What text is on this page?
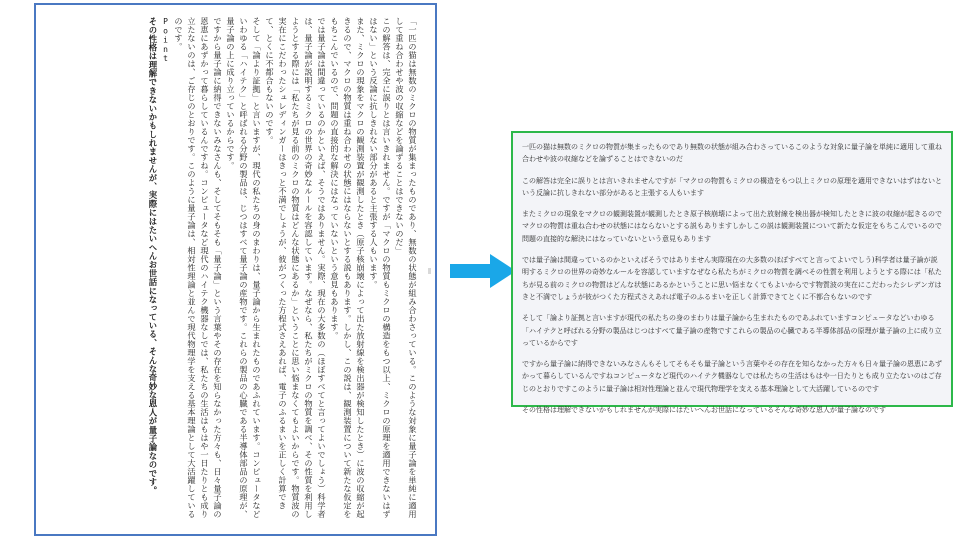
「一匹の猫は無数のミクロの物質が集まったものであり、無数の状態が組み合わさっている。このような対象に量子論を単純に適用して重ね合わせや波の収縮などを論ずることはできないのだ」

この解答は、完全に誤りとは言いきれません。ですが「マクロの物質もミクロの構造をもつ以上、ミクロの原理を適用できないはずはない」という反論に抗しきれない部分があると主張する人もいます。

また、ミクロの現象をマクロの観測装置が観測したとき（原子核崩壊によって出た放射線を検出器が検知したとき）に波の収縮が起きるので、マクロの物質は重ね合わせの状態にはならないとする説もあります。しかし、この説は、観測装置について新たな仮定をもちこんでいるので、問題の直接的な解決にはなっていないという意見もあります。

では量子論は間違っているのかといえば、そうではありません。実際、現在の大多数の（ほぼすべてと言ってよいでしょう）科学者は、量子論が説明するミクロの世界の奇妙なルールを容認しています。なぜなら、私たちがミクロの物質を調べ、その性質を利用しようとする際には「私たちが見る前のミクロの物質はどんな状態にあるか」ということに思い悩まなくてもよいからです。物質波の実在にこだわったシュレディンガーはきっと不満でしょうが、彼がつくった方程式さえあれば、電子のふるまいを正しく計算できて、とくに不都合もないのです。

そして「論より証拠」と言いますが、現代の私たちの身のまわりは、量子論から生まれたものであふれています。コンピュータなどいわゆる「ハイテク」と呼ばれる分野の製品は、じつはすべて量子論の産物です。これらの製品の心臓である半導体部品の原理が、量子論の上に成り立っているからです。

ですから量子論に納得できないみなさんも、そしてそもそも「量子論」という言葉やその存在を知らなかった方々も、日々量子論の恩恵にあずかって暮らしているんですね。コンピュータなど現代のハイテク機器なしでは、私たちの生活はもはや一日たりとも成り立たないのは、ご存じのとおりです。このように量子論は、相対性理論と並んで現代物理学を支える基本理論として大活躍しているのです。

Point

その性格は理解できないかもしれませんが、実際にはたいへんお世話になっている、そんな奇妙な恩人が量子論なのです。	一匹の猫は無数のミクロの物質が集まったものであり無数の状態が組み合わさっているこのような対象に量子論を単純に適用して重ね合わせや波の収縮などを論ずることはできないのだ

この解答は完全に誤りとは言いきれませんですが「マクロの物質もミクロの構造をもつ以上ミクロの原理を適用できないはずはないという反論に抗しきれない部分があると主張する人もいます

またミクロの現象をマクロの観測装置が観測したとき原子核崩壊によって出た放射線を検出器が検知したときに波の収縮が起きるのでマクロの物質は重ね合わせの状態にはならないとする説もありますしかしこの説は観測装置について新たな仮定をもちこんでいるので問題の直接的な解決にはなっていないという意見もあります

では量子論は間違っているのかといえばそうではありません実際現在の大多数のほぼすべてと言ってよいでしう)科学者は量子論が説明するミクロの世界の奇妙なルールを容認していますなぜなら私たちがミクロの物質を調べその性質を利用しようとする際には「私たちが見る前のミクロの物質はどんな状態にあるかということに思い悩まなくてもよいからです物質波の実在にこだわったシレデンガはきと不満でしょうが彼がつくた方程式さえあれば電子のふるまいを正しく計算できてとくに不都合もないのです

そして「論より証拠と言いますが現代の私たちの身のまわりは量子論から生まれたものであふれていますコンピュータなどいわゆる「ハイテクと呼ばれる分野の製品はじつはすべて量子論の産物ですこれらの製品の心臓である半導体部品の原理が量子論の上に成り立っているからです

ですから量子論に納得できないみなさんもそしてそもそも量子論という言葉やその存在を知らなかった方々も日々量子論の恩恵にあずかって暮らしているんですねコンピュータなど現代のハイテク機器なしでは私たちの生活はもはや一日たりとも成り立たないのはご存じのとおりですこのように量子論は相対性理論と並んで現代物理学を支える基本理論として大活躍しているのです

その性格は理解できないかもしれませんが実際にはたいへんお世話になっているそんな奇妙な恩人が量子論なのです
